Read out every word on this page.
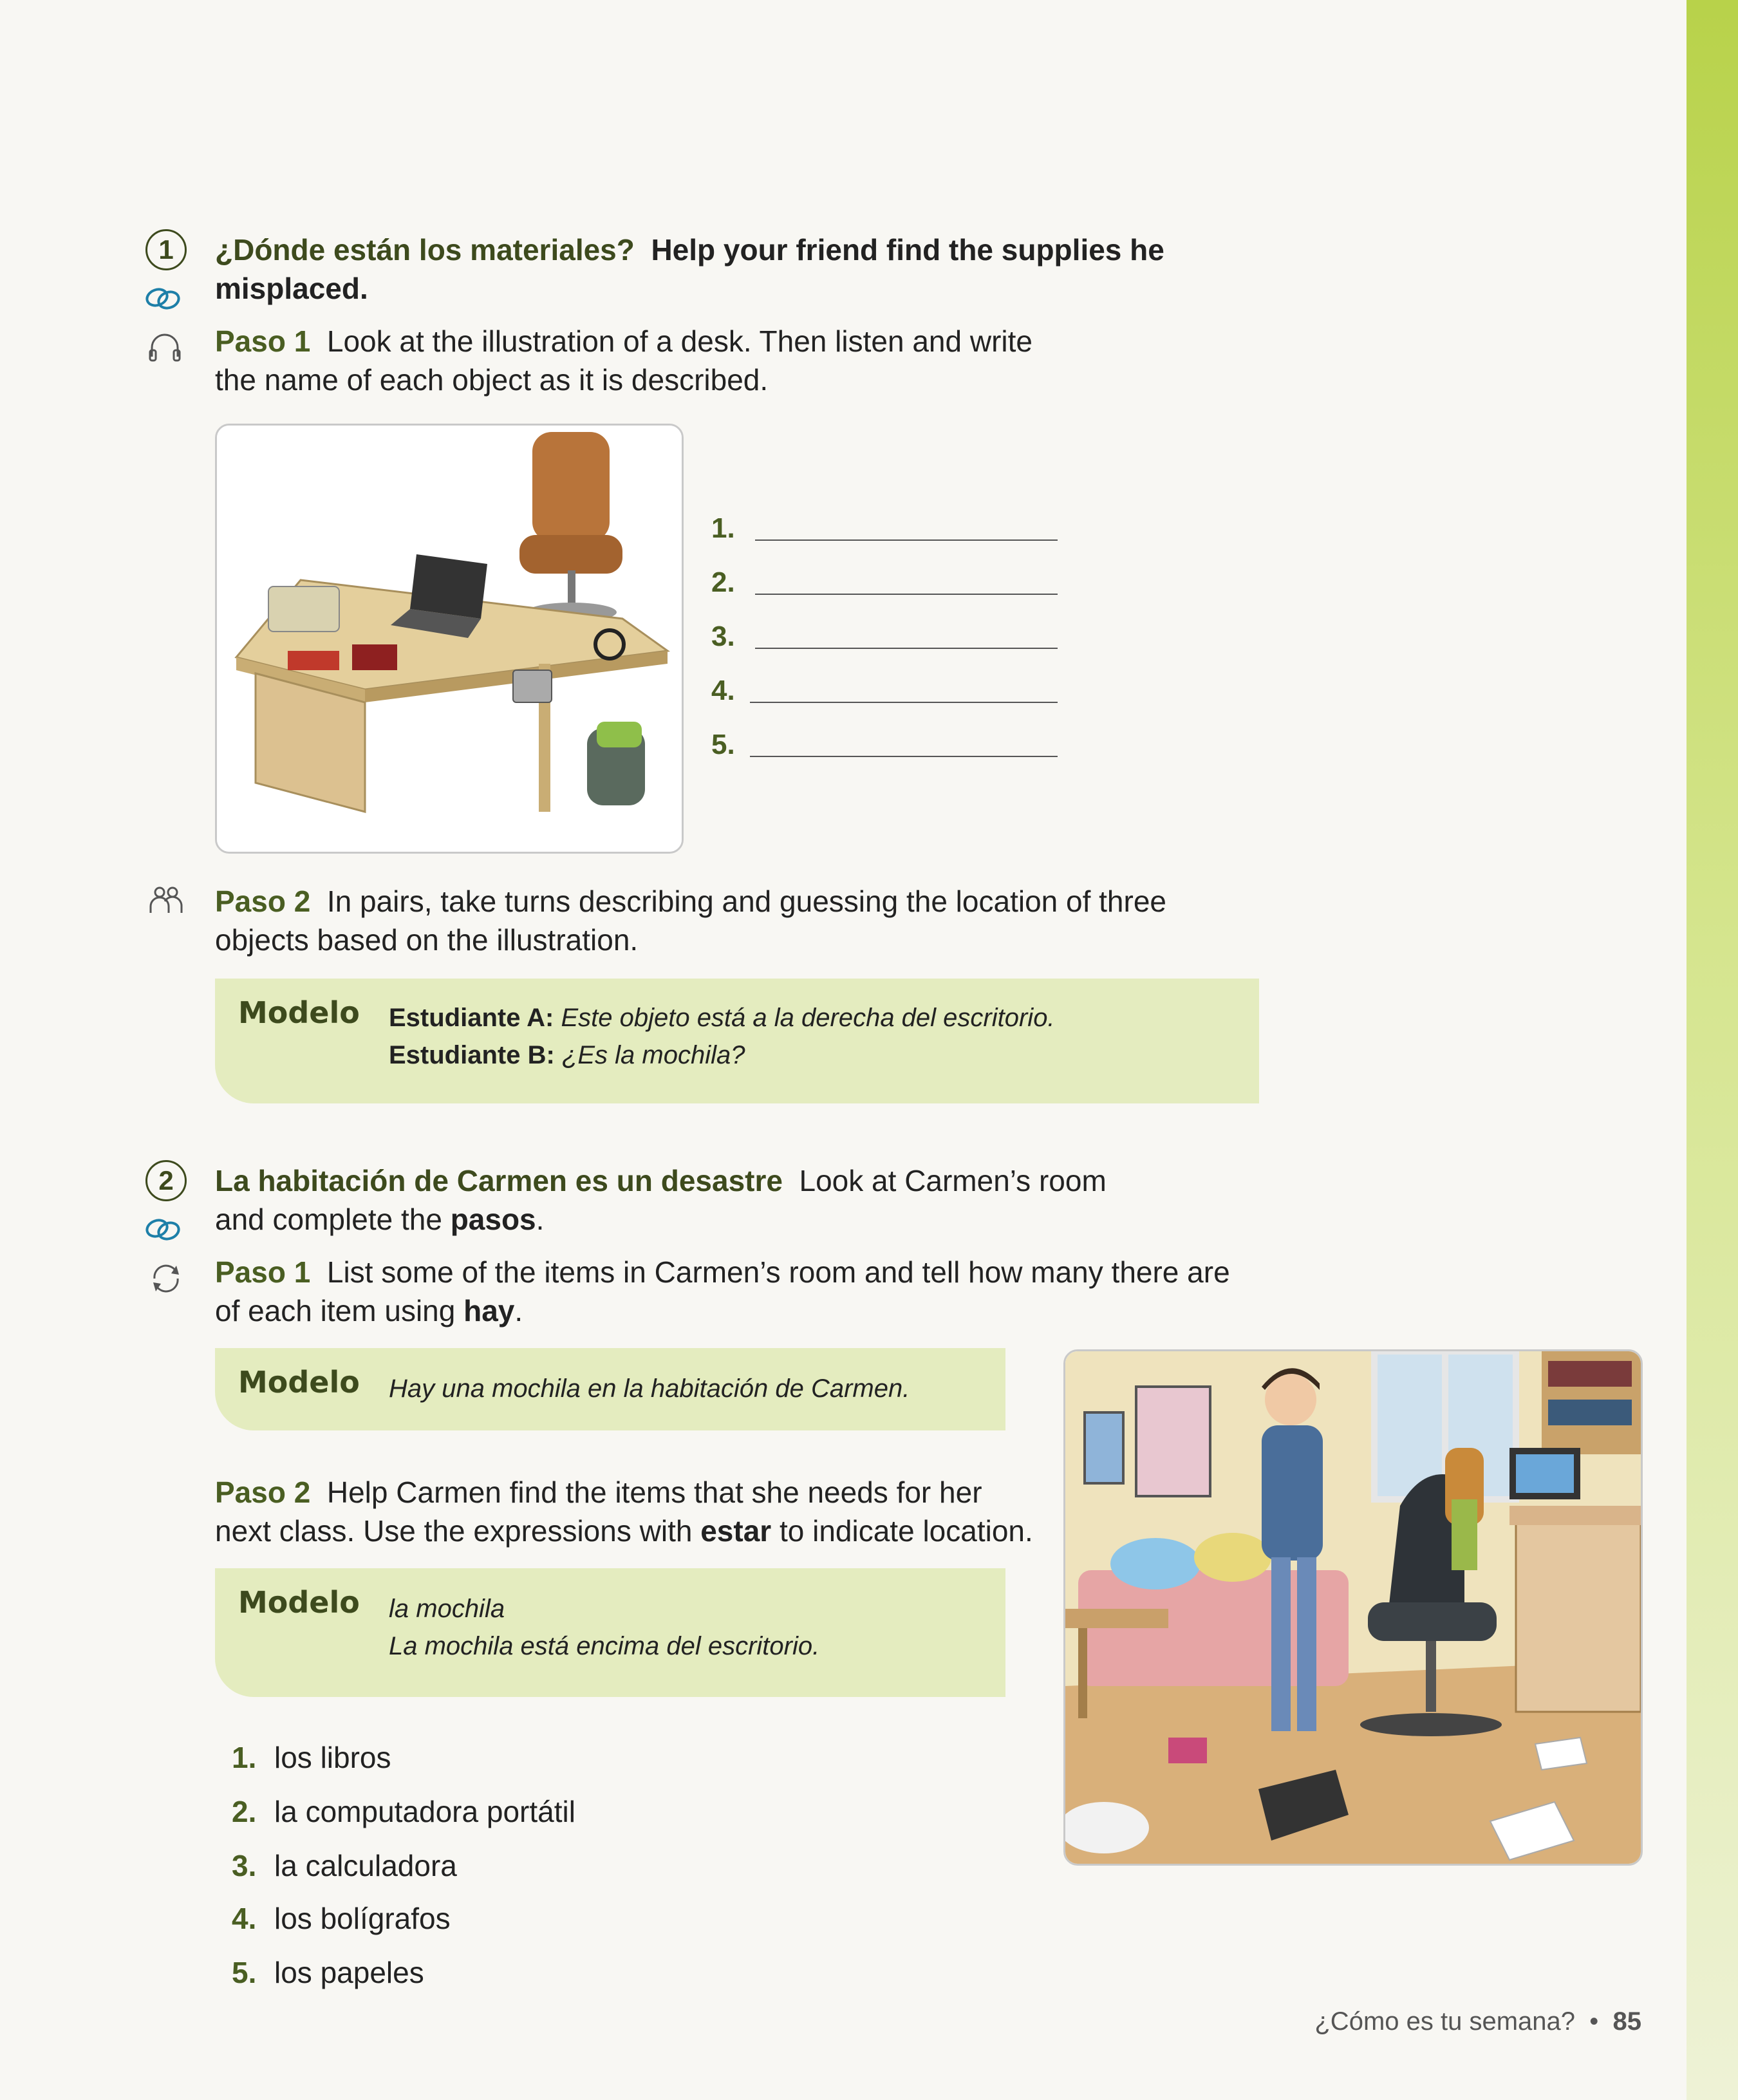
1	¿Dónde están los materiales? Help your friend find the supplies he
misplaced.
Paso 1 Look at the illustration of a desk. Then listen and write
the name of each object as it is described.
1.
2.
3.
4.
5.
Paso 2 In pairs, take turns describing and guessing the location of three
objects based on the illustration.
Modelo Estudiante A: Este objeto está a la derecha del escritorio.
Estudiante B: ¿Es la mochila?
2	La habitación de Carmen es un desastre Look at Carmen’s room
and complete the pasos.
Paso 1 List some of the items in Carmen’s room and tell how many there are
of each item using hay.
Modelo Hay una mochila en la habitación de Carmen.
Paso 2 Help Carmen find the items that she needs for her
next class. Use the expressions with estar to indicate location.
Modelo la mochila
La mochila está encima del escritorio.
1. los libros
2. la computadora portátil
3. la calculadora
4. los bolígrafos
5. los papeles
¿Cómo es tu semana? • 85
